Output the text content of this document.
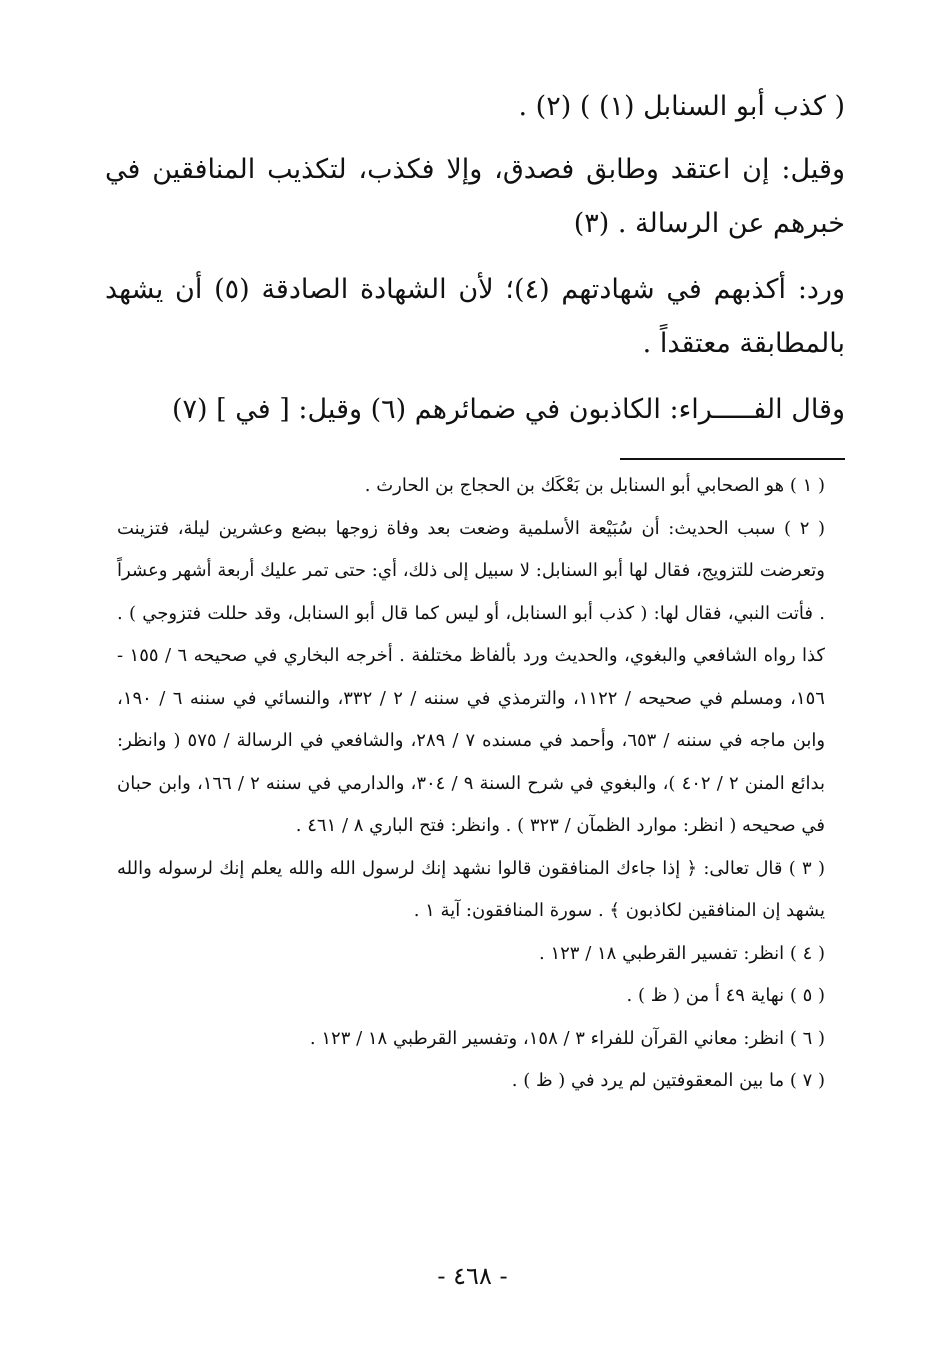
( كذب أبو السنابل (١) ) (٢) .

وقيل: إن اعتقد وطابق فصدق، وإلا فكذب، لتكذيب المنافقين في خبرهم عن الرسالة . (٣)

ورد: أكذبهم في شهادتهم (٤)؛ لأن الشهادة الصادقة (٥) أن يشهد بالمطابقة معتقداً .

وقال الفـــــراء: الكاذبون في ضمائرهم (٦) وقيل: [ في ] (٧)

( ١ ) هو الصحابي أبو السنابل بن بَعْكَك بن الحجاج بن الحارث .

( ٢ ) سبب الحديث: أن سُبَيْعة الأسلمية وضعت بعد وفاة زوجها ببضع وعشرين ليلة، فتزينت وتعرضت للتزويج، فقال لها أبو السنابل: لا سبيل إلى ذلك، أي: حتى تمر عليك أربعة أشهر وعشراً . فأتت النبي، فقال لها: ( كذب أبو السنابل، أو ليس كما قال أبو السنابل، وقد حللت فتزوجي ) . كذا رواه الشافعي والبغوي، والحديث ورد بألفاظ مختلفة . أخرجه البخاري في صحيحه ٦ / ١٥٥ - ١٥٦، ومسلم في صحيحه / ١١٢٢، والترمذي في سننه / ٢ / ٣٣٢، والنسائي في سننه ٦ / ١٩٠، وابن ماجه في سننه / ٦٥٣، وأحمد في مسنده ٧ / ٢٨٩، والشافعي في الرسالة / ٥٧٥ ( وانظر: بدائع المنن ٢ / ٤٠٢ )، والبغوي في شرح السنة ٩ / ٣٠٤، والدارمي في سننه ٢ / ١٦٦، وابن حبان في صحيحه ( انظر: موارد الظمآن / ٣٢٣ ) . وانظر: فتح الباري ٨ / ٤٦١ .

( ٣ ) قال تعالى: ﴿ إذا جاءك المنافقون قالوا نشهد إنك لرسول الله والله يعلم إنك لرسوله والله يشهد إن المنافقين لكاذبون ﴾ . سورة المنافقون: آية ١ .

( ٤ ) انظر: تفسير القرطبي ١٨ / ١٢٣ .

( ٥ ) نهاية ٤٩ أ من ( ظ ) .

( ٦ ) انظر: معاني القرآن للفراء ٣ / ١٥٨، وتفسير القرطبي ١٨ / ١٢٣ .

( ٧ ) ما بين المعقوفتين لم يرد في ( ظ ) .

- ٤٦٨ -
